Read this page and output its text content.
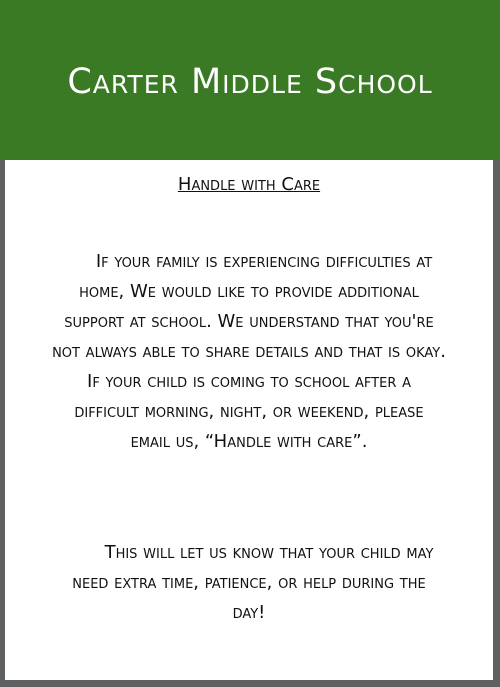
Carter Middle School
Handle with Care

If your family is experiencing difficulties at
home, We would like to provide additional
support at school. We understand that you're
not always able to share details and that is okay.
If your child is coming to school after a
difficult morning, night, or weekend, please
email us, “Handle with care”.

This will let us know that your child may
need extra time, patience, or help during the
day!
